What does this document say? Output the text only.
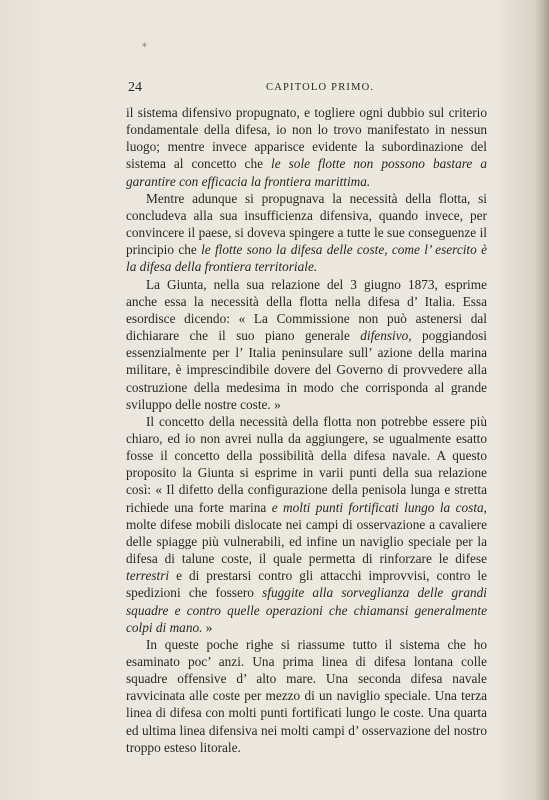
*
24	CAPITOLO PRIMO.

il sistema difensivo propugnato, e togliere ogni dubbio sul criterio fondamentale della difesa, io non lo trovo manifestato in nessun luogo; mentre invece apparisce evidente la subordinazione del sistema al concetto che le sole flotte non possono bastare a garantire con efficacia la frontiera marittima.

Mentre adunque si propugnava la necessità della flotta, si concludeva alla sua insufficienza difensiva, quando invece, per convincere il paese, si doveva spingere a tutte le sue conseguenze il principio che le flotte sono la difesa delle coste, come l’ esercito è la difesa della frontiera territoriale.

La Giunta, nella sua relazione del 3 giugno 1873, esprime anche essa la necessità della flotta nella difesa d’ Italia. Essa esordisce dicendo: « La Commissione non può astenersi dal dichiarare che il suo piano generale difensivo, poggiandosi essenzialmente per l’ Italia peninsulare sull’ azione della marina militare, è imprescindibile dovere del Governo di provvedere alla costruzione della medesima in modo che corrisponda al grande sviluppo delle nostre coste. »

Il concetto della necessità della flotta non potrebbe essere più chiaro, ed io non avrei nulla da aggiungere, se ugualmente esatto fosse il concetto della possibilità della difesa navale. A questo proposito la Giunta si esprime in varii punti della sua relazione così: « Il difetto della configurazione della penisola lunga e stretta richiede una forte marina e molti punti fortificati lungo la costa, molte difese mobili dislocate nei campi di osservazione a cavaliere delle spiagge più vulnerabili, ed infine un naviglio speciale per la difesa di talune coste, il quale permetta di rinforzare le difese terrestri e di prestarsi contro gli attacchi improvvisi, contro le spedizioni che fossero sfuggite alla sorveglianza delle grandi squadre e contro quelle operazioni che chiamansi generalmente colpi di mano. »

In queste poche righe si riassume tutto il sistema che ho esaminato poc’ anzi. Una prima linea di difesa lontana colle squadre offensive d’ alto mare. Una seconda difesa navale ravvicinata alle coste per mezzo di un naviglio speciale. Una terza linea di difesa con molti punti fortificati lungo le coste. Una quarta ed ultima linea difensiva nei molti campi d’ osservazione del nostro troppo esteso litorale.
